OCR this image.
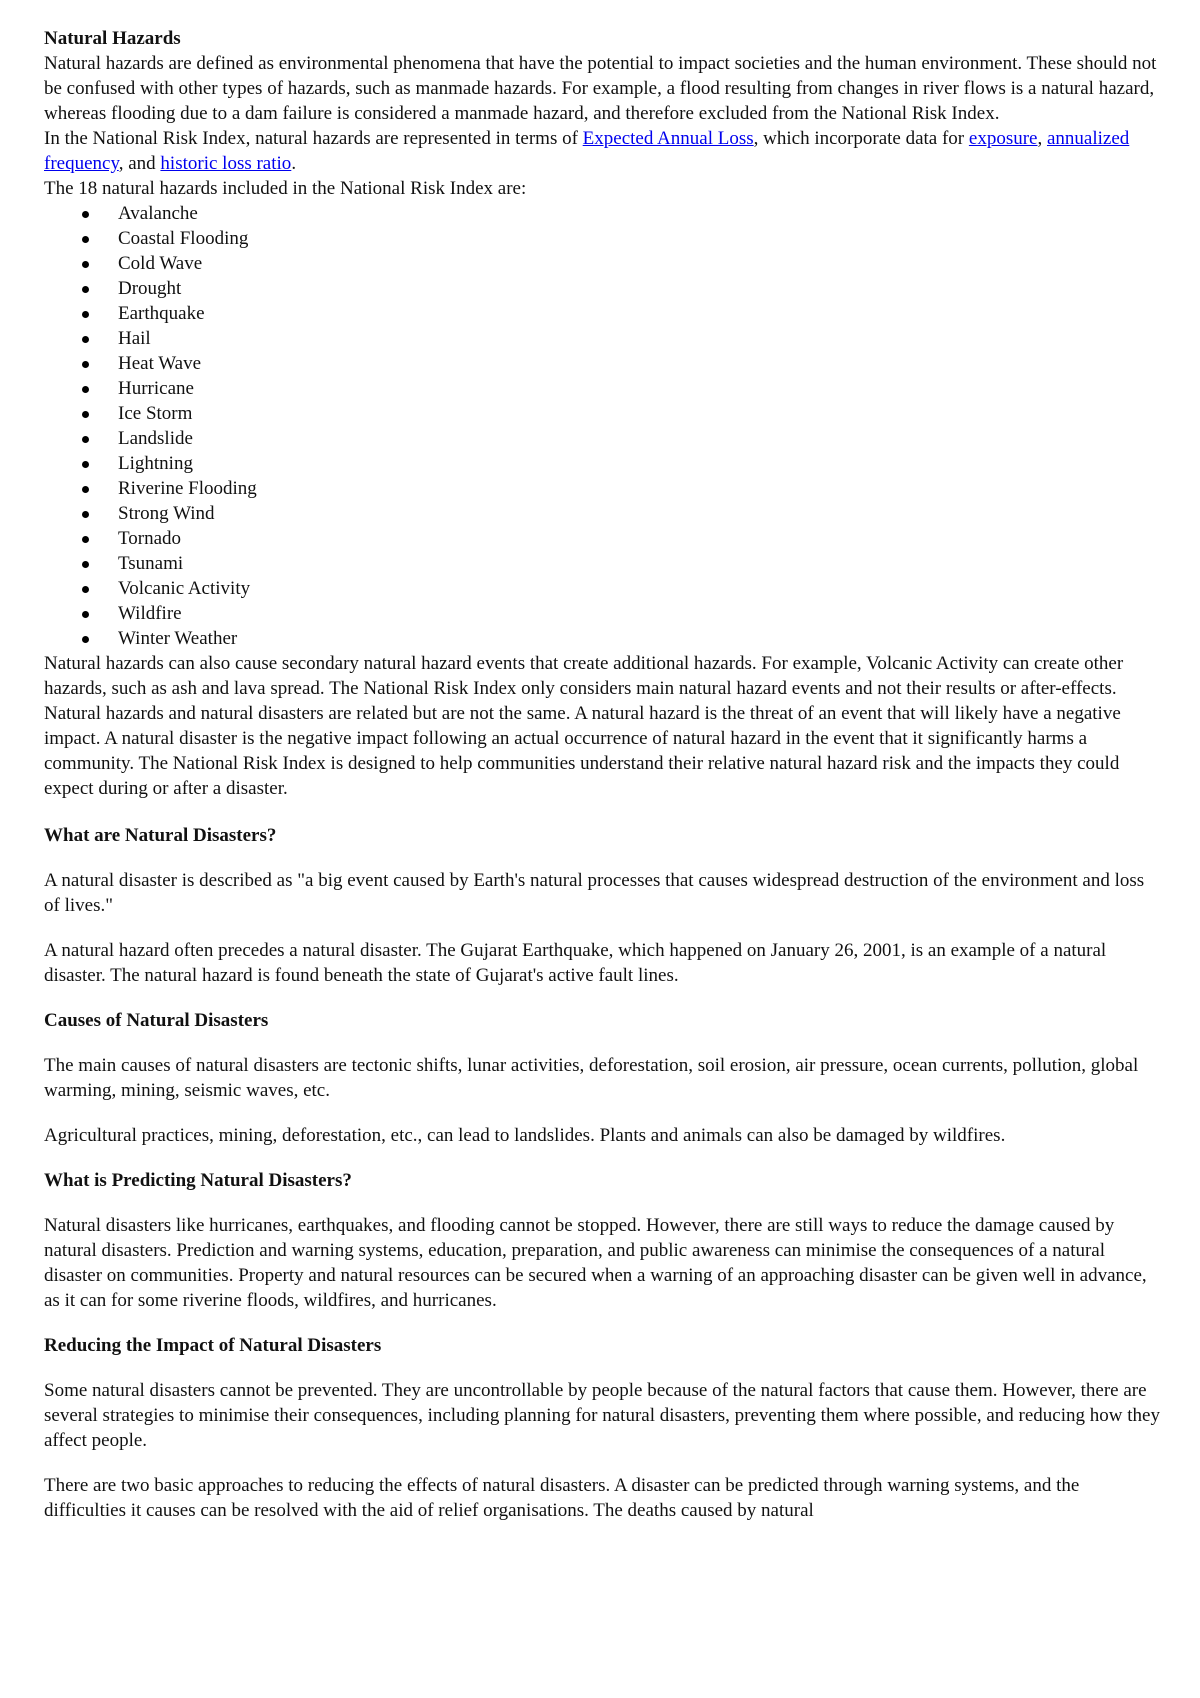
Natural Hazards
Natural hazards are defined as environmental phenomena that have the potential to impact societies and the human environment. These should not be confused with other types of hazards, such as manmade hazards. For example, a flood resulting from changes in river flows is a natural hazard, whereas flooding due to a dam failure is considered a manmade hazard, and therefore excluded from the National Risk Index.
In the National Risk Index, natural hazards are represented in terms of Expected Annual Loss, which incorporate data for exposure, annualized frequency, and historic loss ratio.
The 18 natural hazards included in the National Risk Index are:
Avalanche
Coastal Flooding
Cold Wave
Drought
Earthquake
Hail
Heat Wave
Hurricane
Ice Storm
Landslide
Lightning
Riverine Flooding
Strong Wind
Tornado
Tsunami
Volcanic Activity
Wildfire
Winter Weather
Natural hazards can also cause secondary natural hazard events that create additional hazards. For example, Volcanic Activity can create other hazards, such as ash and lava spread. The National Risk Index only considers main natural hazard events and not their results or after-effects.
Natural hazards and natural disasters are related but are not the same. A natural hazard is the threat of an event that will likely have a negative impact. A natural disaster is the negative impact following an actual occurrence of natural hazard in the event that it significantly harms a community. The National Risk Index is designed to help communities understand their relative natural hazard risk and the impacts they could expect during or after a disaster.
What are Natural Disasters?
A natural disaster is described as "a big event caused by Earth's natural processes that causes widespread destruction of the environment and loss of lives."
A natural hazard often precedes a natural disaster. The Gujarat Earthquake, which happened on January 26, 2001, is an example of a natural disaster. The natural hazard is found beneath the state of Gujarat's active fault lines.
Causes of Natural Disasters
The main causes of natural disasters are tectonic shifts, lunar activities, deforestation, soil erosion, air pressure, ocean currents, pollution, global warming, mining, seismic waves, etc.
Agricultural practices, mining, deforestation, etc., can lead to landslides. Plants and animals can also be damaged by wildfires.
What is Predicting Natural Disasters?
Natural disasters like hurricanes, earthquakes, and flooding cannot be stopped. However, there are still ways to reduce the damage caused by natural disasters. Prediction and warning systems, education, preparation, and public awareness can minimise the consequences of a natural disaster on communities. Property and natural resources can be secured when a warning of an approaching disaster can be given well in advance, as it can for some riverine floods, wildfires, and hurricanes.
Reducing the Impact of Natural Disasters
Some natural disasters cannot be prevented. They are uncontrollable by people because of the natural factors that cause them. However, there are several strategies to minimise their consequences, including planning for natural disasters, preventing them where possible, and reducing how they affect people.
There are two basic approaches to reducing the effects of natural disasters. A disaster can be predicted through warning systems, and the difficulties it causes can be resolved with the aid of relief organisations. The deaths caused by natural
